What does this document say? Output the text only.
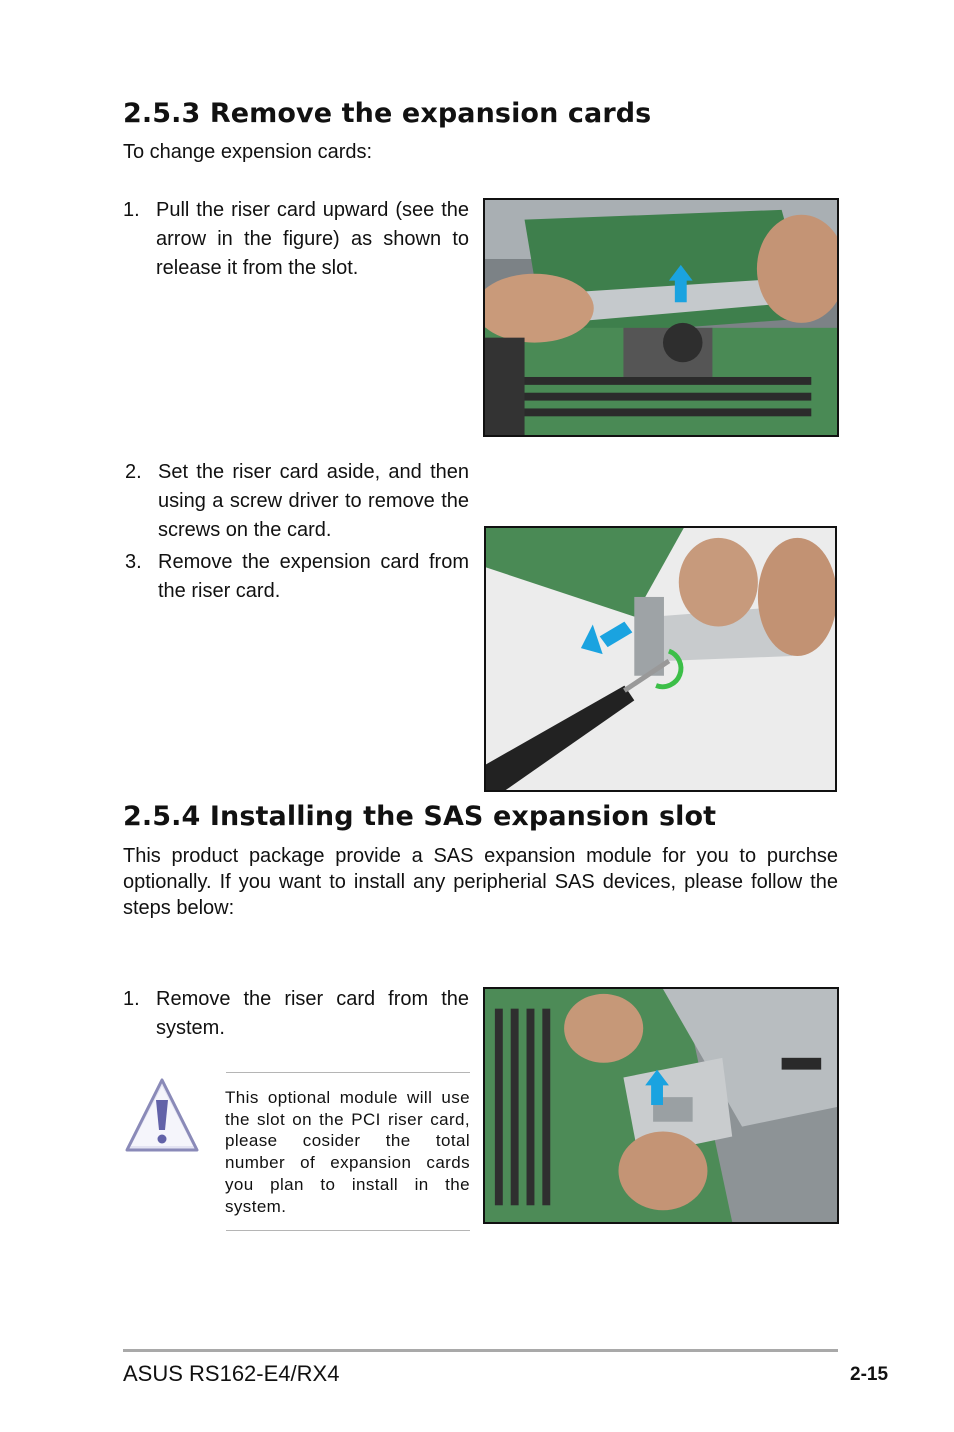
2.5.3 Remove the expansion cards
To change expension cards:
1. Pull the riser card upward (see the arrow in the figure) as shown to release it from the slot.
2. Set the riser card aside, and then using a screw driver to remove the screws on the card.
3. Remove the expension card from the riser card.
2.5.4 Installing the SAS expansion slot
This product package provide a SAS expansion module for you to purchse optionally. If you want to install any peripherial SAS devices, please follow the steps below:
1. Remove the riser card from the system.
This optional module will use the slot on the PCI riser card, please cosider the total number of expansion cards you plan to install in the system.
ASUS RS162-E4/RX4	2-15
